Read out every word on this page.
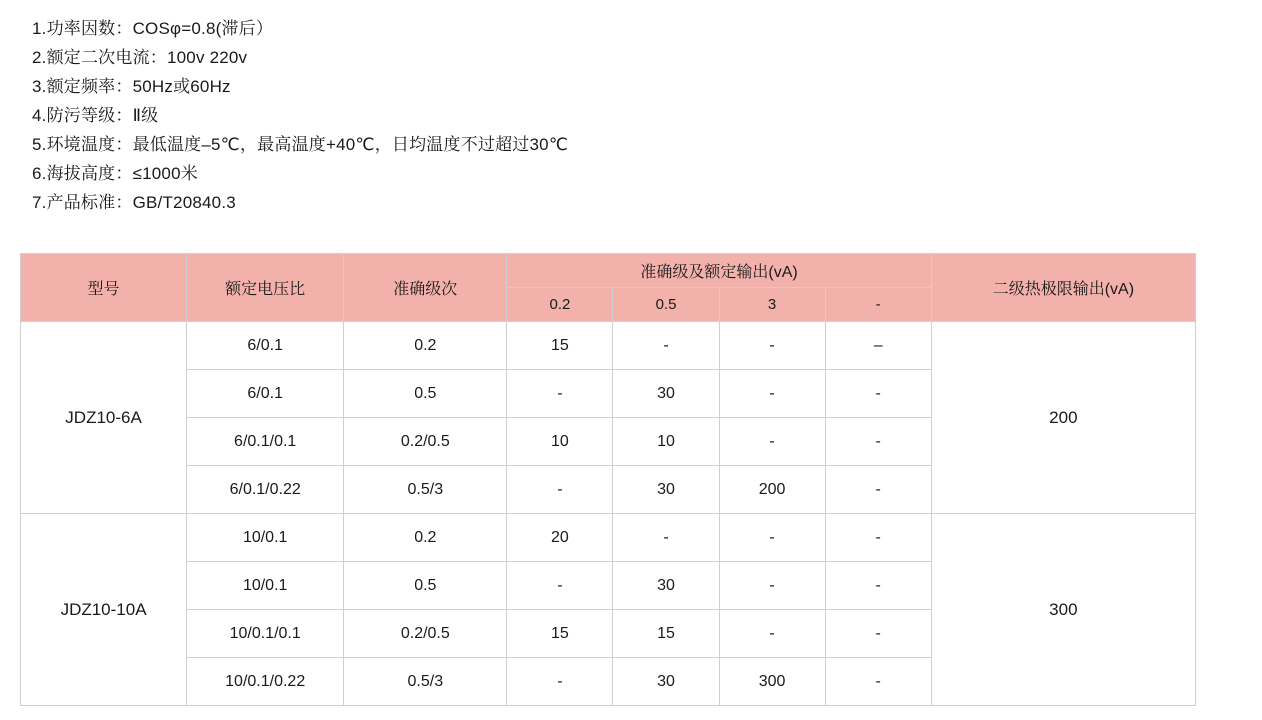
1.功率因数：COSφ=0.8(滞后）
2.额定二次电流：100v 220v
3.额定频率：50Hz或60Hz
4.防污等级：Ⅱ级
5.环境温度：最低温度–5℃，最高温度+40℃，日均温度不过超过30℃
6.海拔高度：≤1000米
7.产品标准：GB/T20840.3
型号	额定电压比	准确级次	准确级及额定输出(vA)				二级热极限输出(vA)
			0.2	0.5	3	-	
JDZ10-6A	6/0.1	0.2	15	-	-	–	200
	6/0.1	0.5	-	30	-	-	
	6/0.1/0.1	0.2/0.5	10	10	-	-	
	6/0.1/0.22	0.5/3	-	30	200	-	
JDZ10-10A	10/0.1	0.2	20	-	-	-	300
	10/0.1	0.5	-	30	-	-	
	10/0.1/0.1	0.2/0.5	15	15	-	-	
	10/0.1/0.22	0.5/3	-	30	300	-	
